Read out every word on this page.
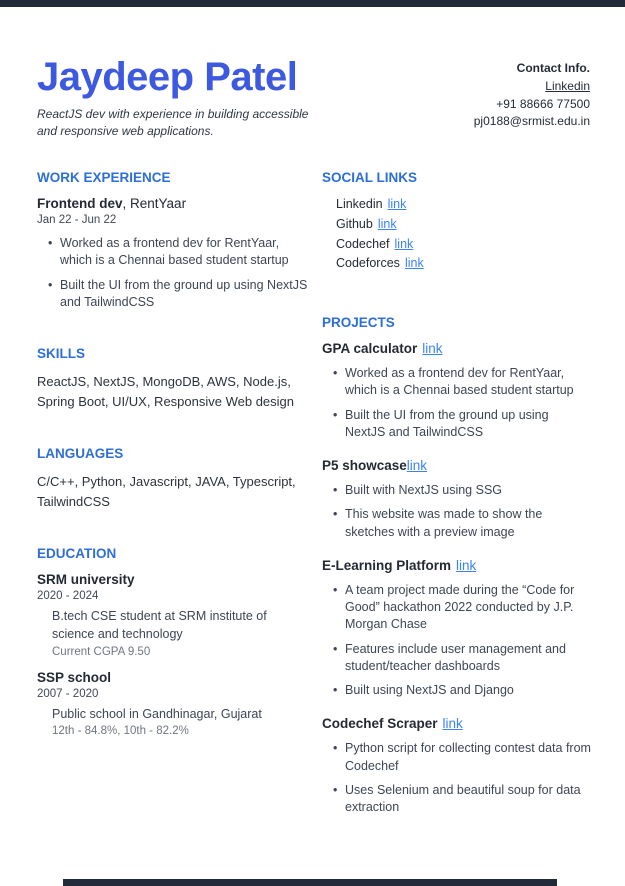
Jaydeep Patel

ReactJS dev with experience in building accessible
and responsive web applications.

Contact Info.
Linkedin
+91 88666 77500
pj0188@srmist.edu.in
WORK EXPERIENCE
Frontend dev, RentYaar
Jan 22 - Jun 22
• Worked as a frontend dev for RentYaar, which is a Chennai based student startup
• Built the UI from the ground up using NextJS and TailwindCSS
SKILLS

ReactJS, NextJS, MongoDB, AWS, Node.js, Spring Boot, UI/UX, Responsive Web design

LANGUAGES

C/C++, Python, Javascript, JAVA, Typescript, TailwindCSS

EDUCATION
SRM university
2020 - 2024
B.tech CSE student at SRM institute of science and technology
Current CGPA 9.50
SSP school
2007 - 2020
Public school in Gandhinagar, Gujarat
12th - 84.8%, 10th - 82.2%
SOCIAL LINKS
Linkedin link
Github link
Codechef link
Codeforces link
PROJECTS
GPA calculator link
• Worked as a frontend dev for RentYaar, which is a Chennai based student startup
• Built the UI from the ground up using NextJS and TailwindCSS
P5 showcaselink
• Built with NextJS using SSG
• This website was made to show the sketches with a preview image
E-Learning Platform link
• A team project made during the “Code for Good” hackathon 2022 conducted by J.P. Morgan Chase
• Features include user management and student/teacher dashboards
• Built using NextJS and Django
Codechef Scraper link
• Python script for collecting contest data from Codechef
• Uses Selenium and beautiful soup for data extraction
